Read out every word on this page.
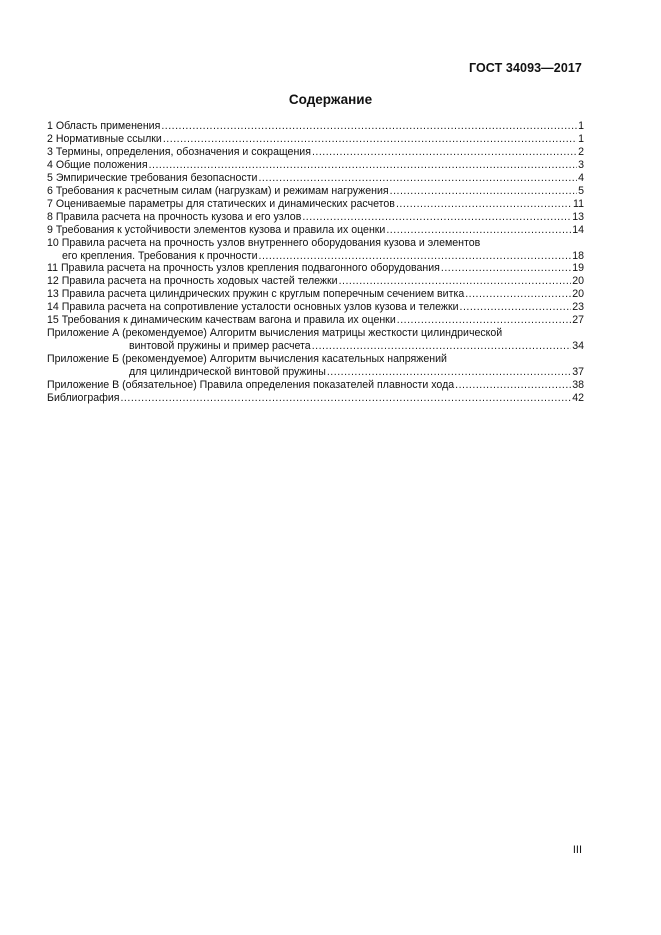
ГОСТ 34093—2017
Содержание
1 Область применения .....	1
2 Нормативные ссылки .....	1
3 Термины, определения, обозначения и сокращения .....	2
4 Общие положения .....	3
5 Эмпирические требования безопасности .....	4
6 Требования к расчетным силам (нагрузкам) и режимам нагружения .....	5
7 Оцениваемые параметры для статических и динамических расчетов .....	11
8 Правила расчета на прочность кузова и его узлов .....	13
9 Требования к устойчивости элементов кузова и правила их оценки .....	14
10 Правила расчета на прочность узлов внутреннего оборудования кузова и элементов
его крепления. Требования к прочности .....	18
11 Правила расчета на прочность узлов крепления подвагонного оборудования .....	19
12 Правила расчета на прочность ходовых частей тележки .....	20
13 Правила расчета цилиндрических пружин с круглым поперечным сечением витка .....	20
14 Правила расчета на сопротивление усталости основных узлов кузова и тележки .....	23
15 Требования к динамическим качествам вагона и правила их оценки .....	27
Приложение А (рекомендуемое) Алгоритм вычисления матрицы жесткости цилиндрической
винтовой пружины и пример расчета .....	34
Приложение Б (рекомендуемое) Алгоритм вычисления касательных напряжений
для цилиндрической винтовой пружины .....	37
Приложение В (обязательное) Правила определения показателей плавности хода .....	38
Библиография .....	42
III
